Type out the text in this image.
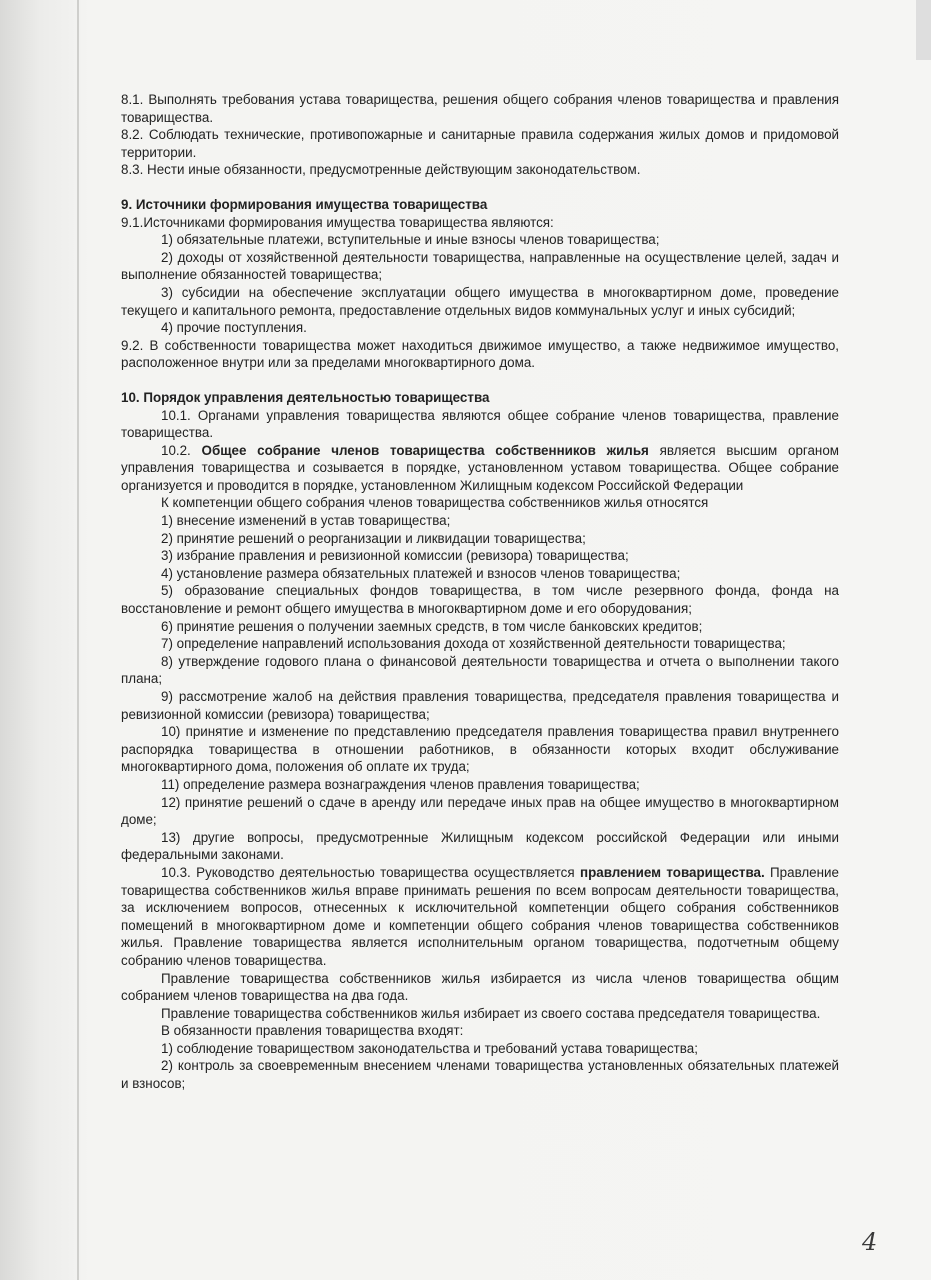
8.1. Выполнять требования устава товарищества, решения общего собрания членов товарищества и правления товарищества.

8.2. Соблюдать технические, противопожарные и санитарные правила содержания жилых домов и придомовой территории.

8.3. Нести иные обязанности, предусмотренные действующим законодательством.

9. Источники формирования имущества товарищества

9.1.Источниками формирования имущества товарищества являются:

1) обязательные платежи, вступительные и иные взносы членов товарищества;

2) доходы от хозяйственной деятельности товарищества, направленные на осуществление целей, задач и выполнение обязанностей товарищества;

3) субсидии на обеспечение эксплуатации общего имущества в многоквартирном доме, проведение текущего и капитального ремонта, предоставление отдельных видов коммунальных услуг и иных субсидий;

4) прочие поступления.

9.2. В собственности товарищества может находиться движимое имущество, а также недвижимое имущество, расположенное внутри или за пределами многоквартирного дома.

10. Порядок управления деятельностью товарищества

10.1. Органами управления товарищества являются общее собрание членов товарищества, правление товарищества.

10.2. Общее собрание членов товарищества собственников жилья является высшим органом управления товарищества и созывается в порядке, установленном уставом товарищества. Общее собрание организуется и проводится в порядке, установленном Жилищным кодексом Российской Федерации

К компетенции общего собрания членов товарищества собственников жилья относятся

1) внесение изменений в устав товарищества;

2) принятие решений о реорганизации и ликвидации товарищества;

3) избрание правления и ревизионной комиссии (ревизора) товарищества;

4) установление размера обязательных платежей и взносов членов товарищества;

5) образование специальных фондов товарищества, в том числе резервного фонда, фонда на восстановление и ремонт общего имущества в многоквартирном доме и его оборудования;

6) принятие решения о получении заемных средств, в том числе банковских кредитов;

7) определение направлений использования дохода от хозяйственной деятельности товарищества;

8) утверждение годового плана о финансовой деятельности товарищества и отчета о выполнении такого плана;

9) рассмотрение жалоб на действия правления товарищества, председателя правления товарищества и ревизионной комиссии (ревизора) товарищества;

10) принятие и изменение по представлению председателя правления товарищества правил внутреннего распорядка товарищества в отношении работников, в обязанности которых входит обслуживание многоквартирного дома, положения об оплате их труда;

11) определение размера вознаграждения членов правления товарищества;

12) принятие решений о сдаче в аренду или передаче иных прав на общее имущество в многоквартирном доме;

13) другие вопросы, предусмотренные Жилищным кодексом российской Федерации или иными федеральными законами.

10.3. Руководство деятельностью товарищества осуществляется правлением товарищества. Правление товарищества собственников жилья вправе принимать решения по всем вопросам деятельности товарищества, за исключением вопросов, отнесенных к исключительной компетенции общего собрания собственников помещений в многоквартирном доме и компетенции общего собрания членов товарищества собственников жилья. Правление товарищества является исполнительным органом товарищества, подотчетным общему собранию членов товарищества.

Правление товарищества собственников жилья избирается из числа членов товарищества общим собранием членов товарищества на два года.

Правление товарищества собственников жилья избирает из своего состава председателя товарищества.

В обязанности правления товарищества входят:

1) соблюдение товариществом законодательства и требований устава товарищества;

2) контроль за своевременным внесением членами товарищества установленных обязательных платежей и взносов;

4
